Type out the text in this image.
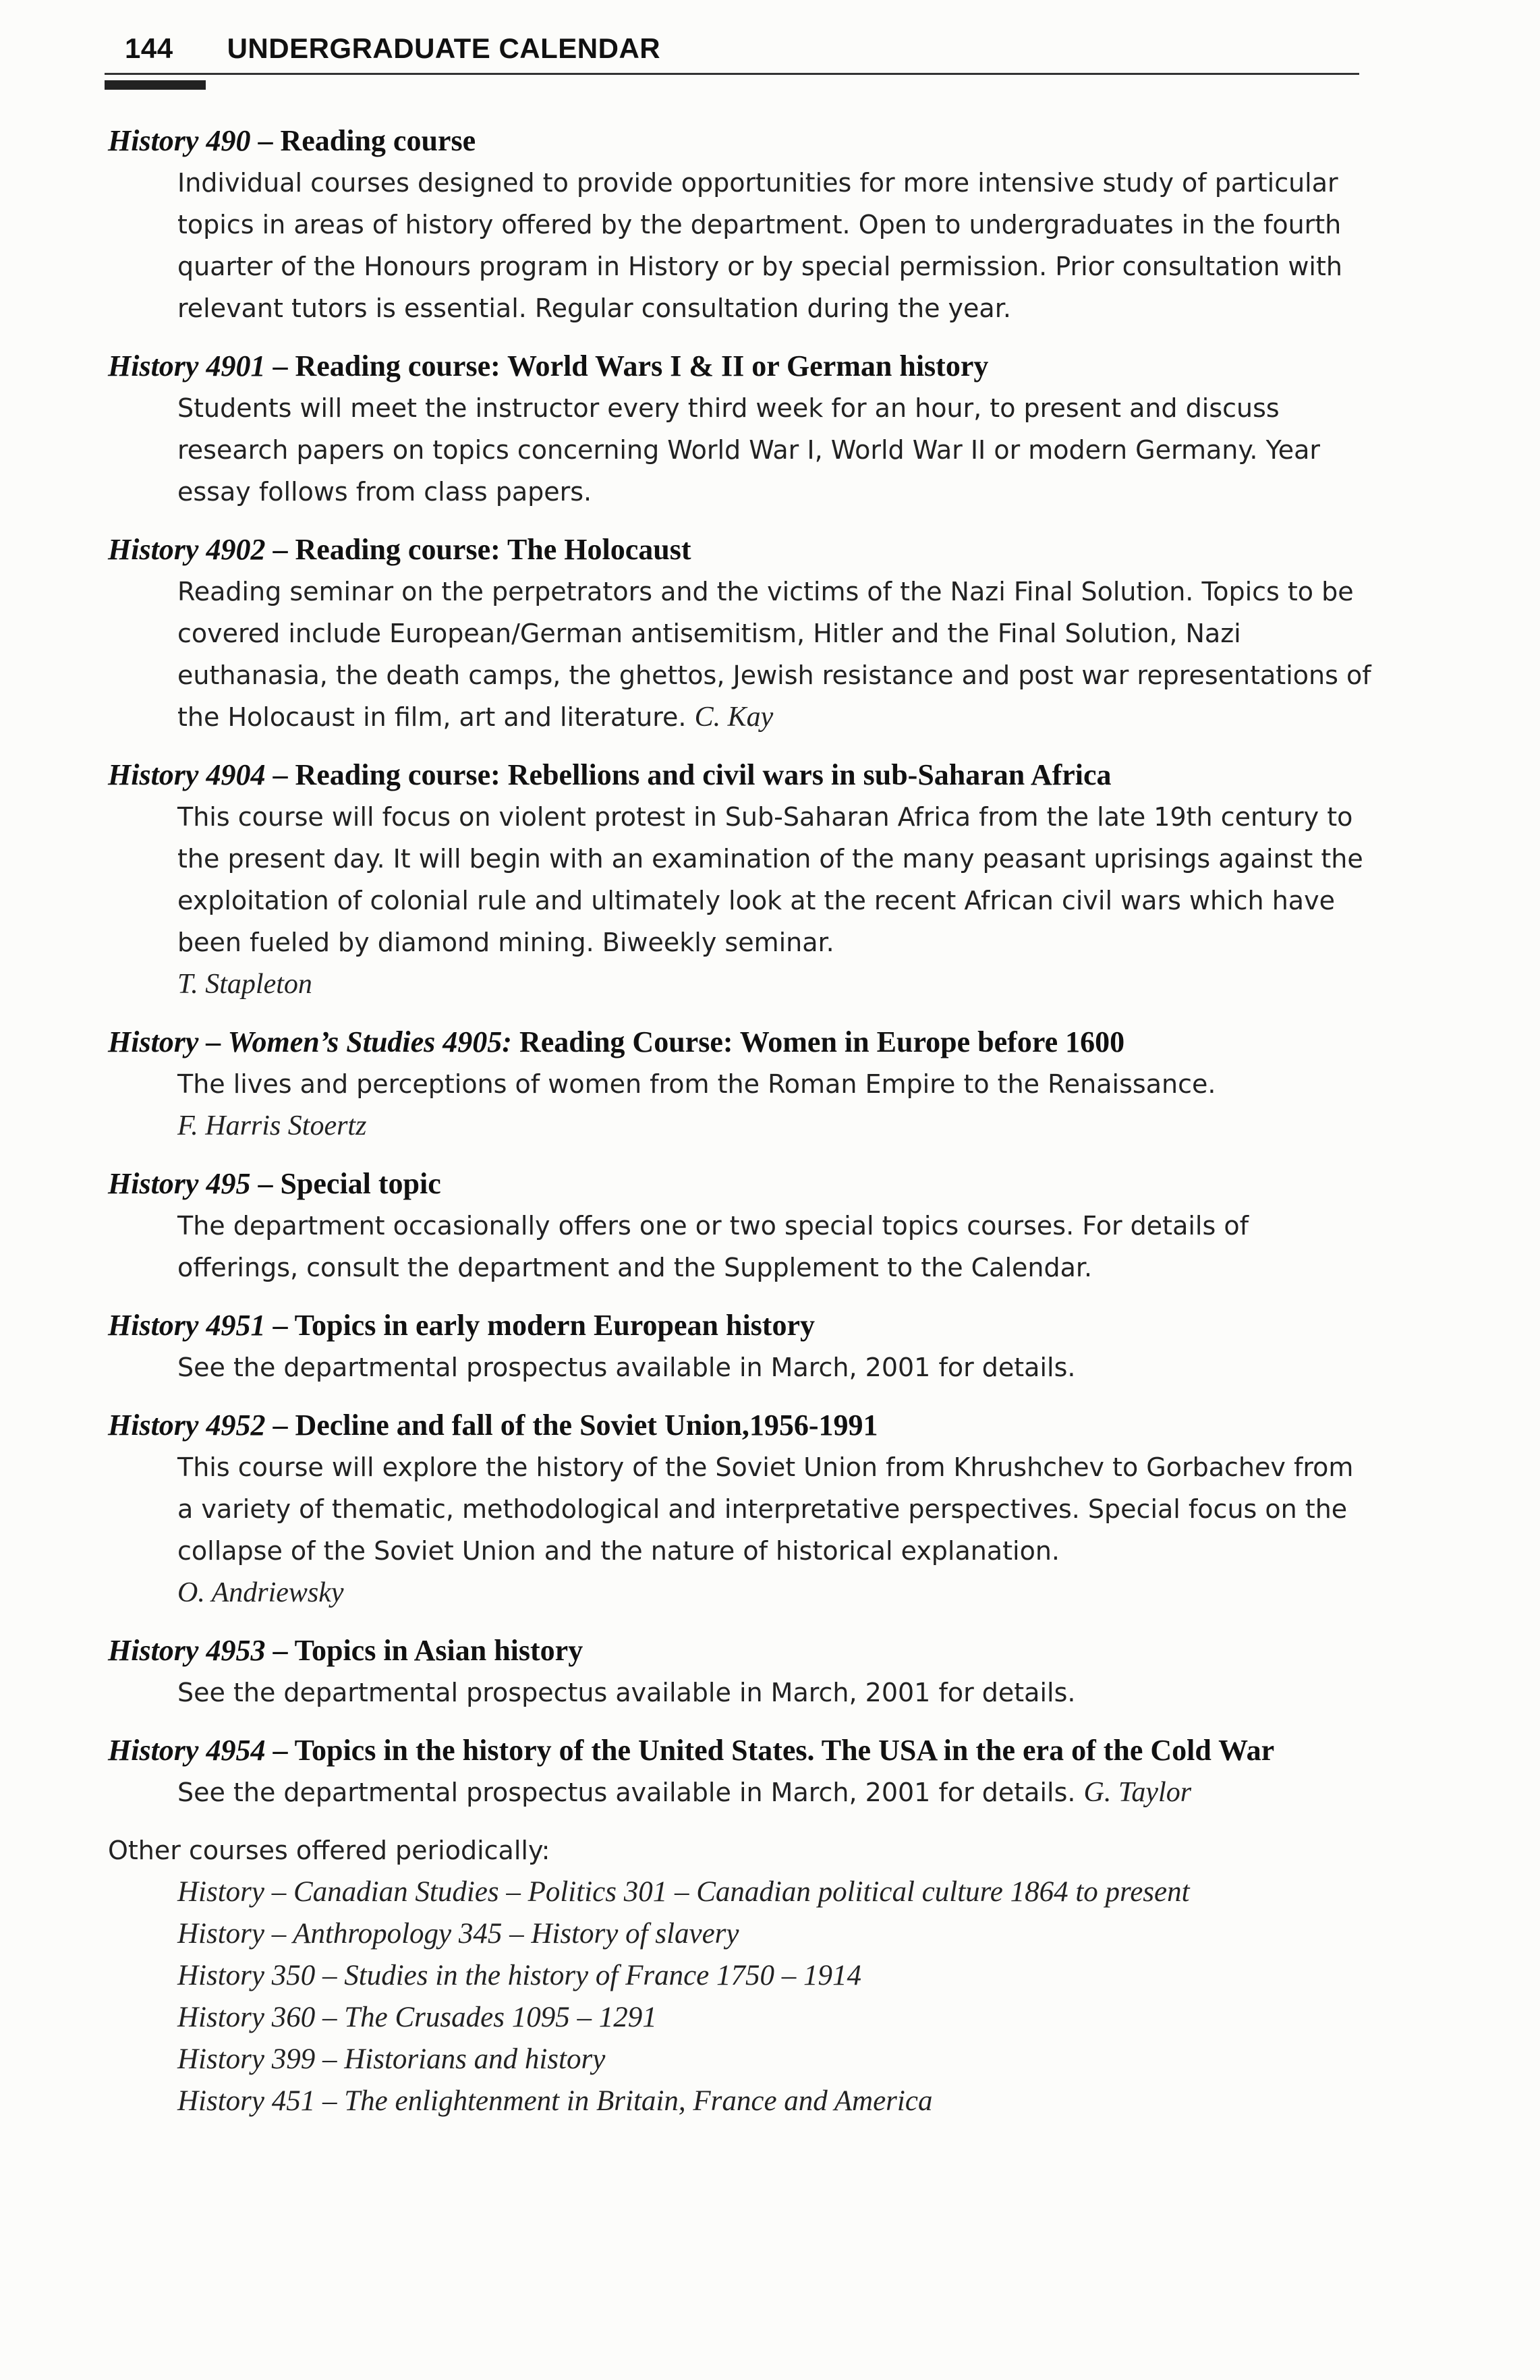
144 UNDERGRADUATE CALENDAR
History 490 – Reading course
Individual courses designed to provide opportunities for more intensive study of particular topics in areas of history offered by the department. Open to undergraduates in the fourth quarter of the Honours program in History or by special permission. Prior consultation with relevant tutors is essential. Regular consultation during the year.
History 4901 – Reading course: World Wars I & II or German history
Students will meet the instructor every third week for an hour, to present and discuss research papers on topics concerning World War I, World War II or modern Germany. Year essay follows from class papers.
History 4902 – Reading course: The Holocaust
Reading seminar on the perpetrators and the victims of the Nazi Final Solution. Topics to be covered include European/German antisemitism, Hitler and the Final Solution, Nazi euthanasia, the death camps, the ghettos, Jewish resistance and post war representations of the Holocaust in film, art and literature. C. Kay
History 4904 – Reading course: Rebellions and civil wars in sub-Saharan Africa
This course will focus on violent protest in Sub-Saharan Africa from the late 19th century to the present day. It will begin with an examination of the many peasant uprisings against the exploitation of colonial rule and ultimately look at the recent African civil wars which have been fueled by diamond mining. Biweekly seminar.
T. Stapleton
History – Women’s Studies 4905: Reading Course: Women in Europe before 1600
The lives and perceptions of women from the Roman Empire to the Renaissance.
F. Harris Stoertz
History 495 – Special topic
The department occasionally offers one or two special topics courses. For details of offerings, consult the department and the Supplement to the Calendar.
History 4951 – Topics in early modern European history
See the departmental prospectus available in March, 2001 for details.
History 4952 – Decline and fall of the Soviet Union,1956-1991
This course will explore the history of the Soviet Union from Khrushchev to Gorbachev from a variety of thematic, methodological and interpretative perspectives. Special focus on the collapse of the Soviet Union and the nature of historical explanation.
O. Andriewsky
History 4953 – Topics in Asian history
See the departmental prospectus available in March, 2001 for details.
History 4954 – Topics in the history of the United States. The USA in the era of the Cold War
See the departmental prospectus available in March, 2001 for details. G. Taylor
Other courses offered periodically:
History – Canadian Studies – Politics 301 – Canadian political culture 1864 to present
History – Anthropology 345 – History of slavery
History 350 – Studies in the history of France 1750 – 1914
History 360 – The Crusades 1095 – 1291
History 399 – Historians and history
History 451 – The enlightenment in Britain, France and America
